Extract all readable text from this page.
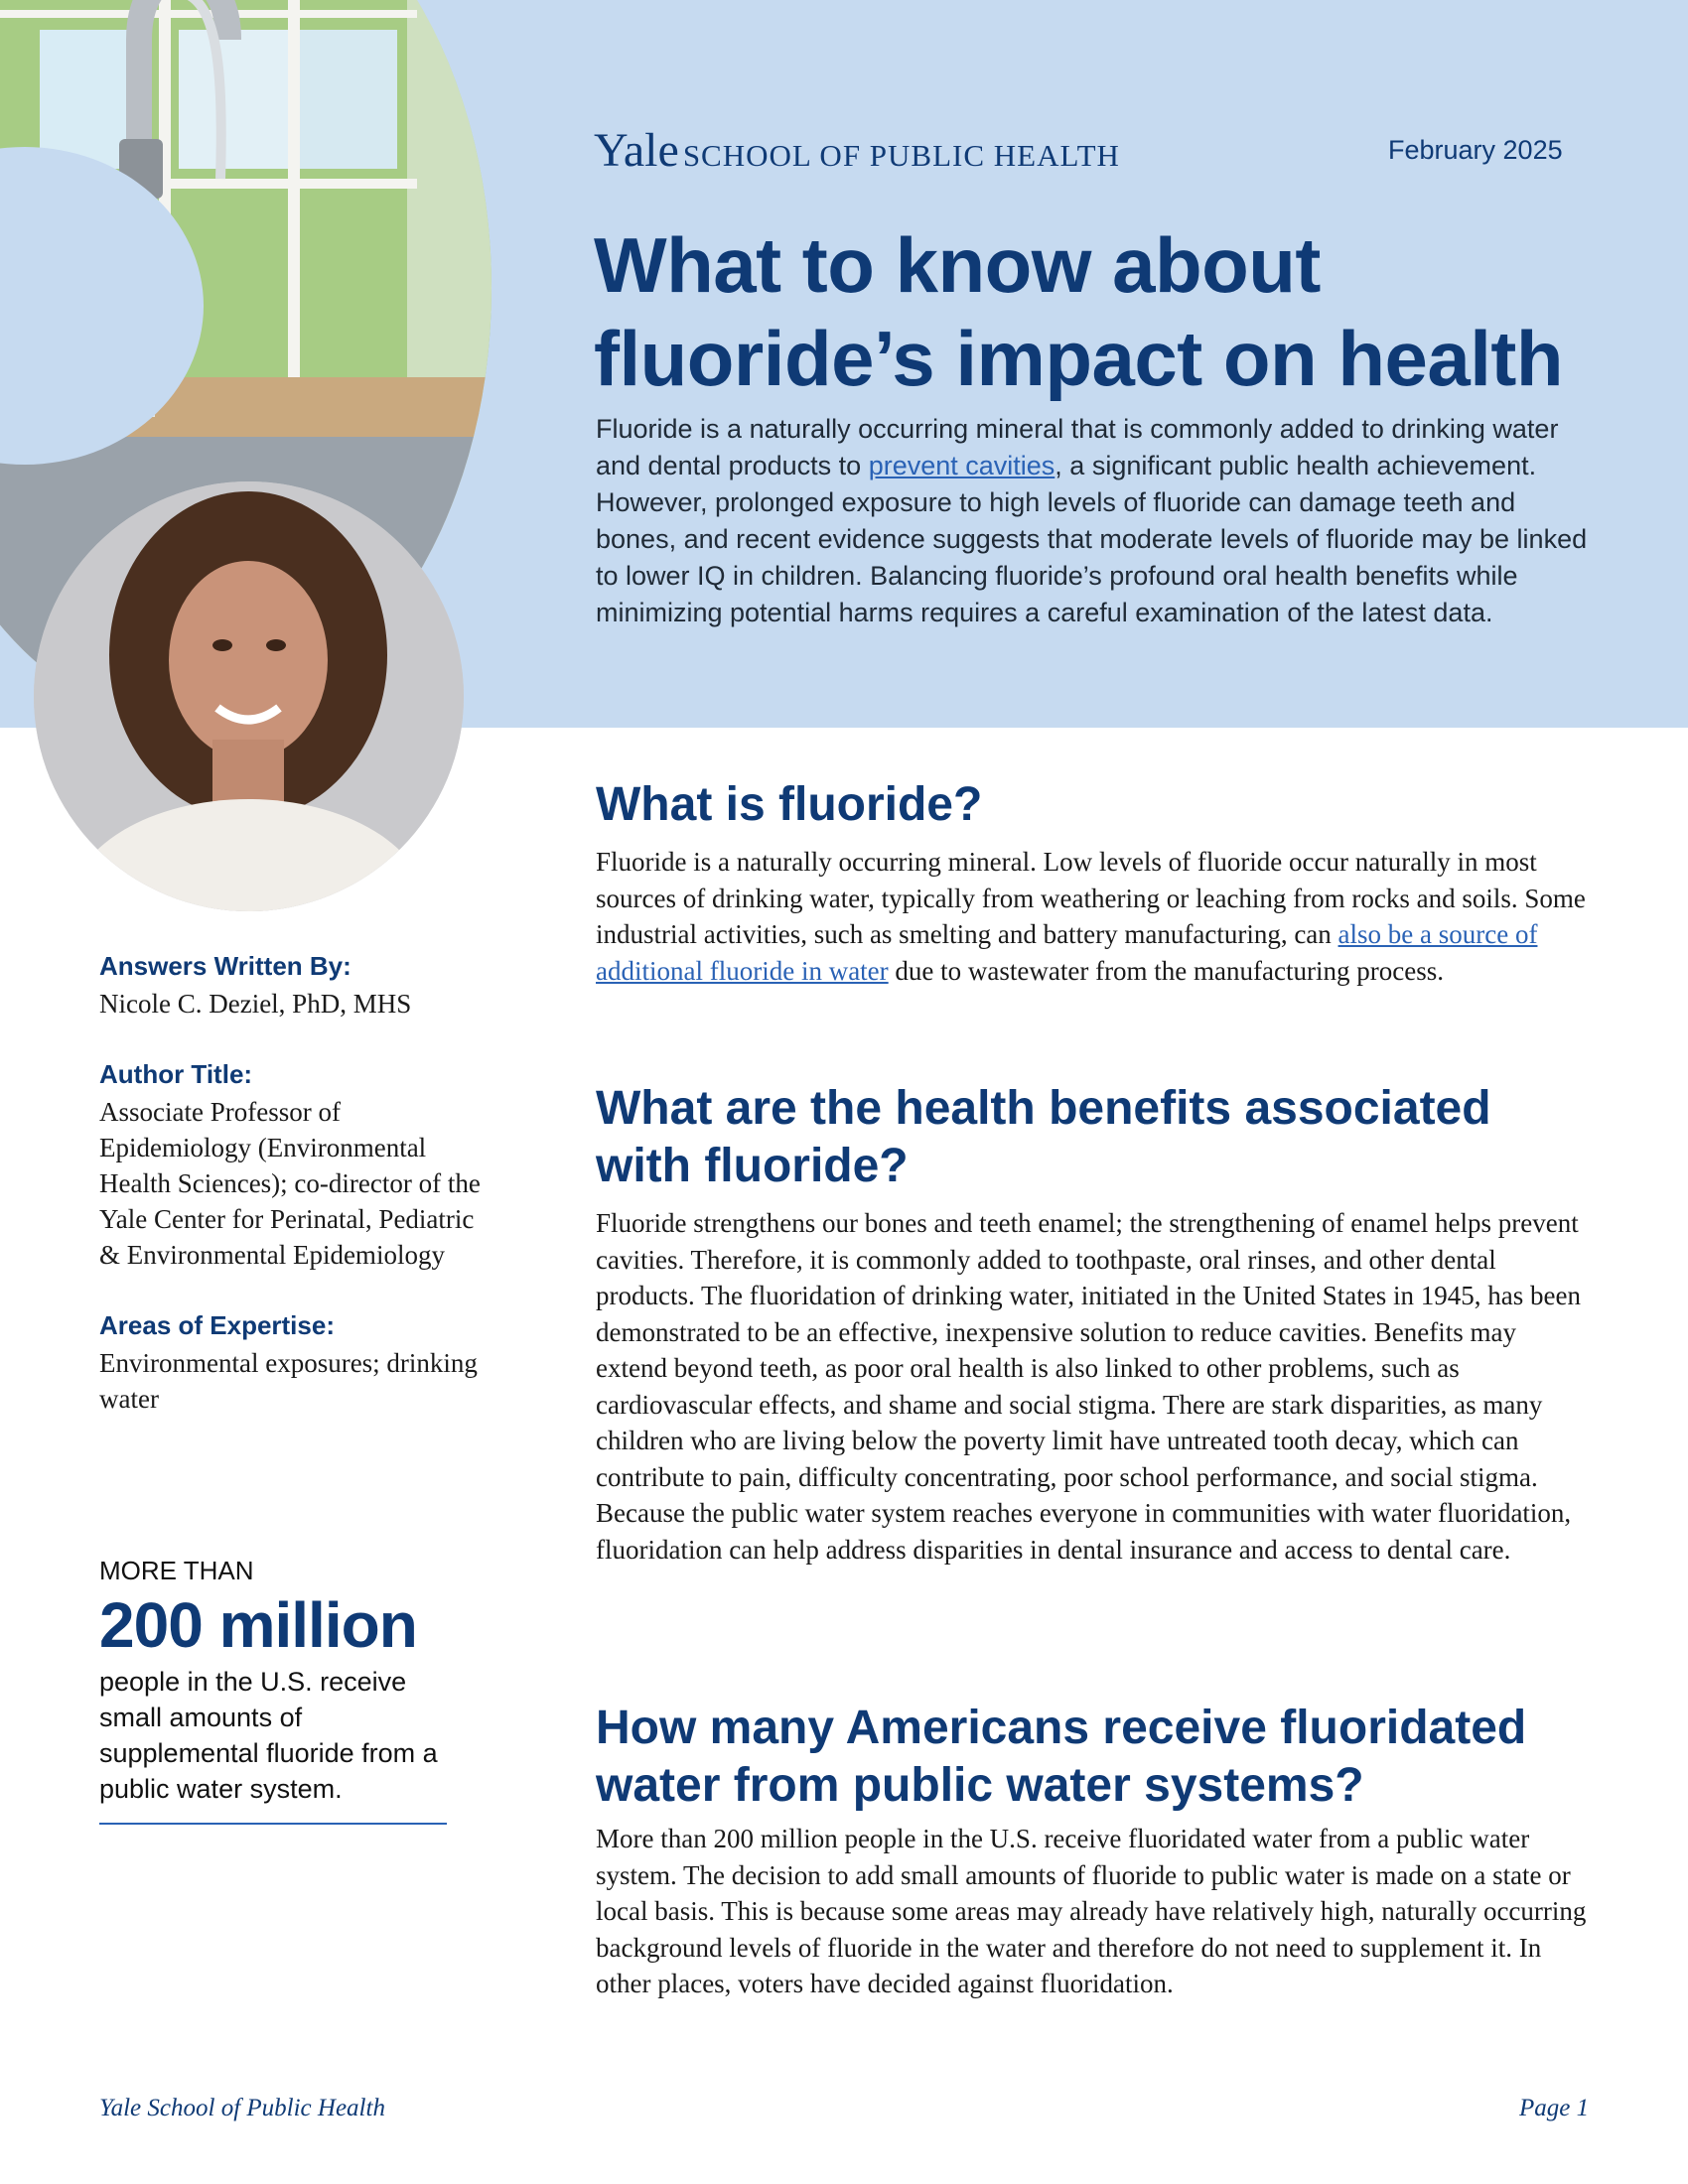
Yale SCHOOL OF PUBLIC HEALTH	February 2025
What to know about fluoride’s impact on health

Fluoride is a naturally occurring mineral that is commonly added to drinking water and dental products to prevent cavities, a significant public health achievement. However, prolonged exposure to high levels of fluoride can damage teeth and bones, and recent evidence suggests that moderate levels of fluoride may be linked to lower IQ in children. Balancing fluoride’s profound oral health benefits while minimizing potential harms requires a careful examination of the latest data.

Answers Written By:

Nicole C. Deziel, PhD, MHS

Author Title:

Associate Professor of Epidemiology (Environmental Health Sciences); co-director of the Yale Center for Perinatal, Pediatric & Environmental Epidemiology

Areas of Expertise:

Environmental exposures; drinking water

MORE THAN

200 million

people in the U.S. receive small amounts of supplemental fluoride from a public water system.

What is fluoride?

Fluoride is a naturally occurring mineral. Low levels of fluoride occur naturally in most sources of drinking water, typically from weathering or leaching from rocks and soils. Some industrial activities, such as smelting and battery manufacturing, can also be a source of additional fluoride in water due to wastewater from the manufacturing process.

What are the health benefits associated with fluoride?

Fluoride strengthens our bones and teeth enamel; the strengthening of enamel helps prevent cavities. Therefore, it is commonly added to toothpaste, oral rinses, and other dental products. The fluoridation of drinking water, initiated in the United States in 1945, has been demonstrated to be an effective, inexpensive solution to reduce cavities. Benefits may extend beyond teeth, as poor oral health is also linked to other problems, such as cardiovascular effects, and shame and social stigma. There are stark disparities, as many children who are living below the poverty limit have untreated tooth decay, which can contribute to pain, difficulty concentrating, poor school performance, and social stigma. Because the public water system reaches everyone in communities with water fluoridation, fluoridation can help address disparities in dental insurance and access to dental care.

How many Americans receive fluoridated water from public water systems?

More than 200 million people in the U.S. receive fluoridated water from a public water system. The decision to add small amounts of fluoride to public water is made on a state or local basis. This is because some areas may already have relatively high, naturally occurring background levels of fluoride in the water and therefore do not need to supplement it. In other places, voters have decided against fluoridation.

Yale School of Public Health	Page 1
